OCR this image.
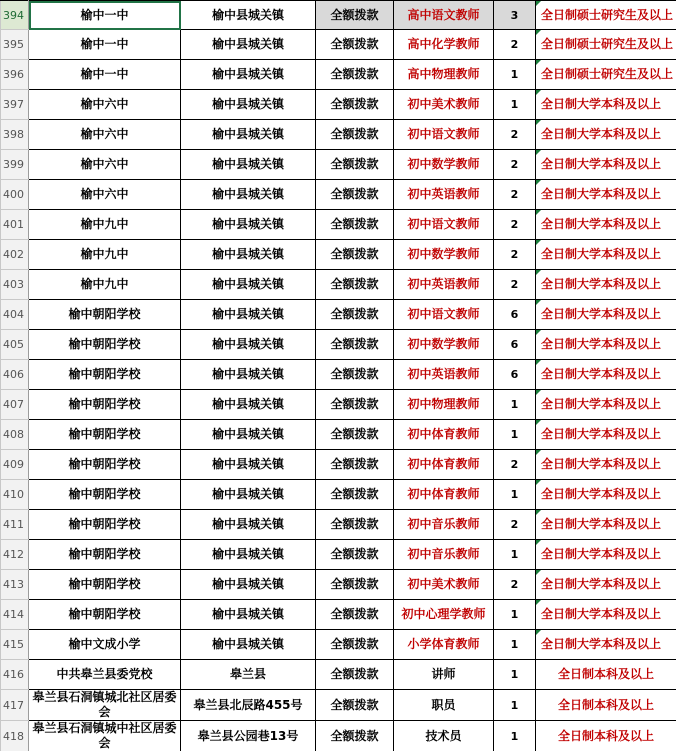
394	榆中一中	榆中县城关镇	全额拨款	高中语文教师	3	全日制硕士研究生及以上
395	榆中一中	榆中县城关镇	全额拨款	高中化学教师	2	全日制硕士研究生及以上
396	榆中一中	榆中县城关镇	全额拨款	高中物理教师	1	全日制硕士研究生及以上
397	榆中六中	榆中县城关镇	全额拨款	初中美术教师	1	全日制大学本科及以上
398	榆中六中	榆中县城关镇	全额拨款	初中语文教师	2	全日制大学本科及以上
399	榆中六中	榆中县城关镇	全额拨款	初中数学教师	2	全日制大学本科及以上
400	榆中六中	榆中县城关镇	全额拨款	初中英语教师	2	全日制大学本科及以上
401	榆中九中	榆中县城关镇	全额拨款	初中语文教师	2	全日制大学本科及以上
402	榆中九中	榆中县城关镇	全额拨款	初中数学教师	2	全日制大学本科及以上
403	榆中九中	榆中县城关镇	全额拨款	初中英语教师	2	全日制大学本科及以上
404	榆中朝阳学校	榆中县城关镇	全额拨款	初中语文教师	6	全日制大学本科及以上
405	榆中朝阳学校	榆中县城关镇	全额拨款	初中数学教师	6	全日制大学本科及以上
406	榆中朝阳学校	榆中县城关镇	全额拨款	初中英语教师	6	全日制大学本科及以上
407	榆中朝阳学校	榆中县城关镇	全额拨款	初中物理教师	1	全日制大学本科及以上
408	榆中朝阳学校	榆中县城关镇	全额拨款	初中体育教师	1	全日制大学本科及以上
409	榆中朝阳学校	榆中县城关镇	全额拨款	初中体育教师	2	全日制大学本科及以上
410	榆中朝阳学校	榆中县城关镇	全额拨款	初中体育教师	1	全日制大学本科及以上
411	榆中朝阳学校	榆中县城关镇	全额拨款	初中音乐教师	2	全日制大学本科及以上
412	榆中朝阳学校	榆中县城关镇	全额拨款	初中音乐教师	1	全日制大学本科及以上
413	榆中朝阳学校	榆中县城关镇	全额拨款	初中美术教师	2	全日制大学本科及以上
414	榆中朝阳学校	榆中县城关镇	全额拨款	初中心理学教师	1	全日制大学本科及以上
415	榆中文成小学	榆中县城关镇	全额拨款	小学体育教师	1	全日制大学本科及以上
416	中共皋兰县委党校	皋兰县	全额拨款	讲师	1	全日制本科及以上
417	皋兰县石洞镇城北社区居委会	皋兰县北辰路455号	全额拨款	职员	1	全日制本科及以上
418	皋兰县石洞镇城中社区居委会	皋兰县公园巷13号	全额拨款	技术员	1	全日制本科及以上
